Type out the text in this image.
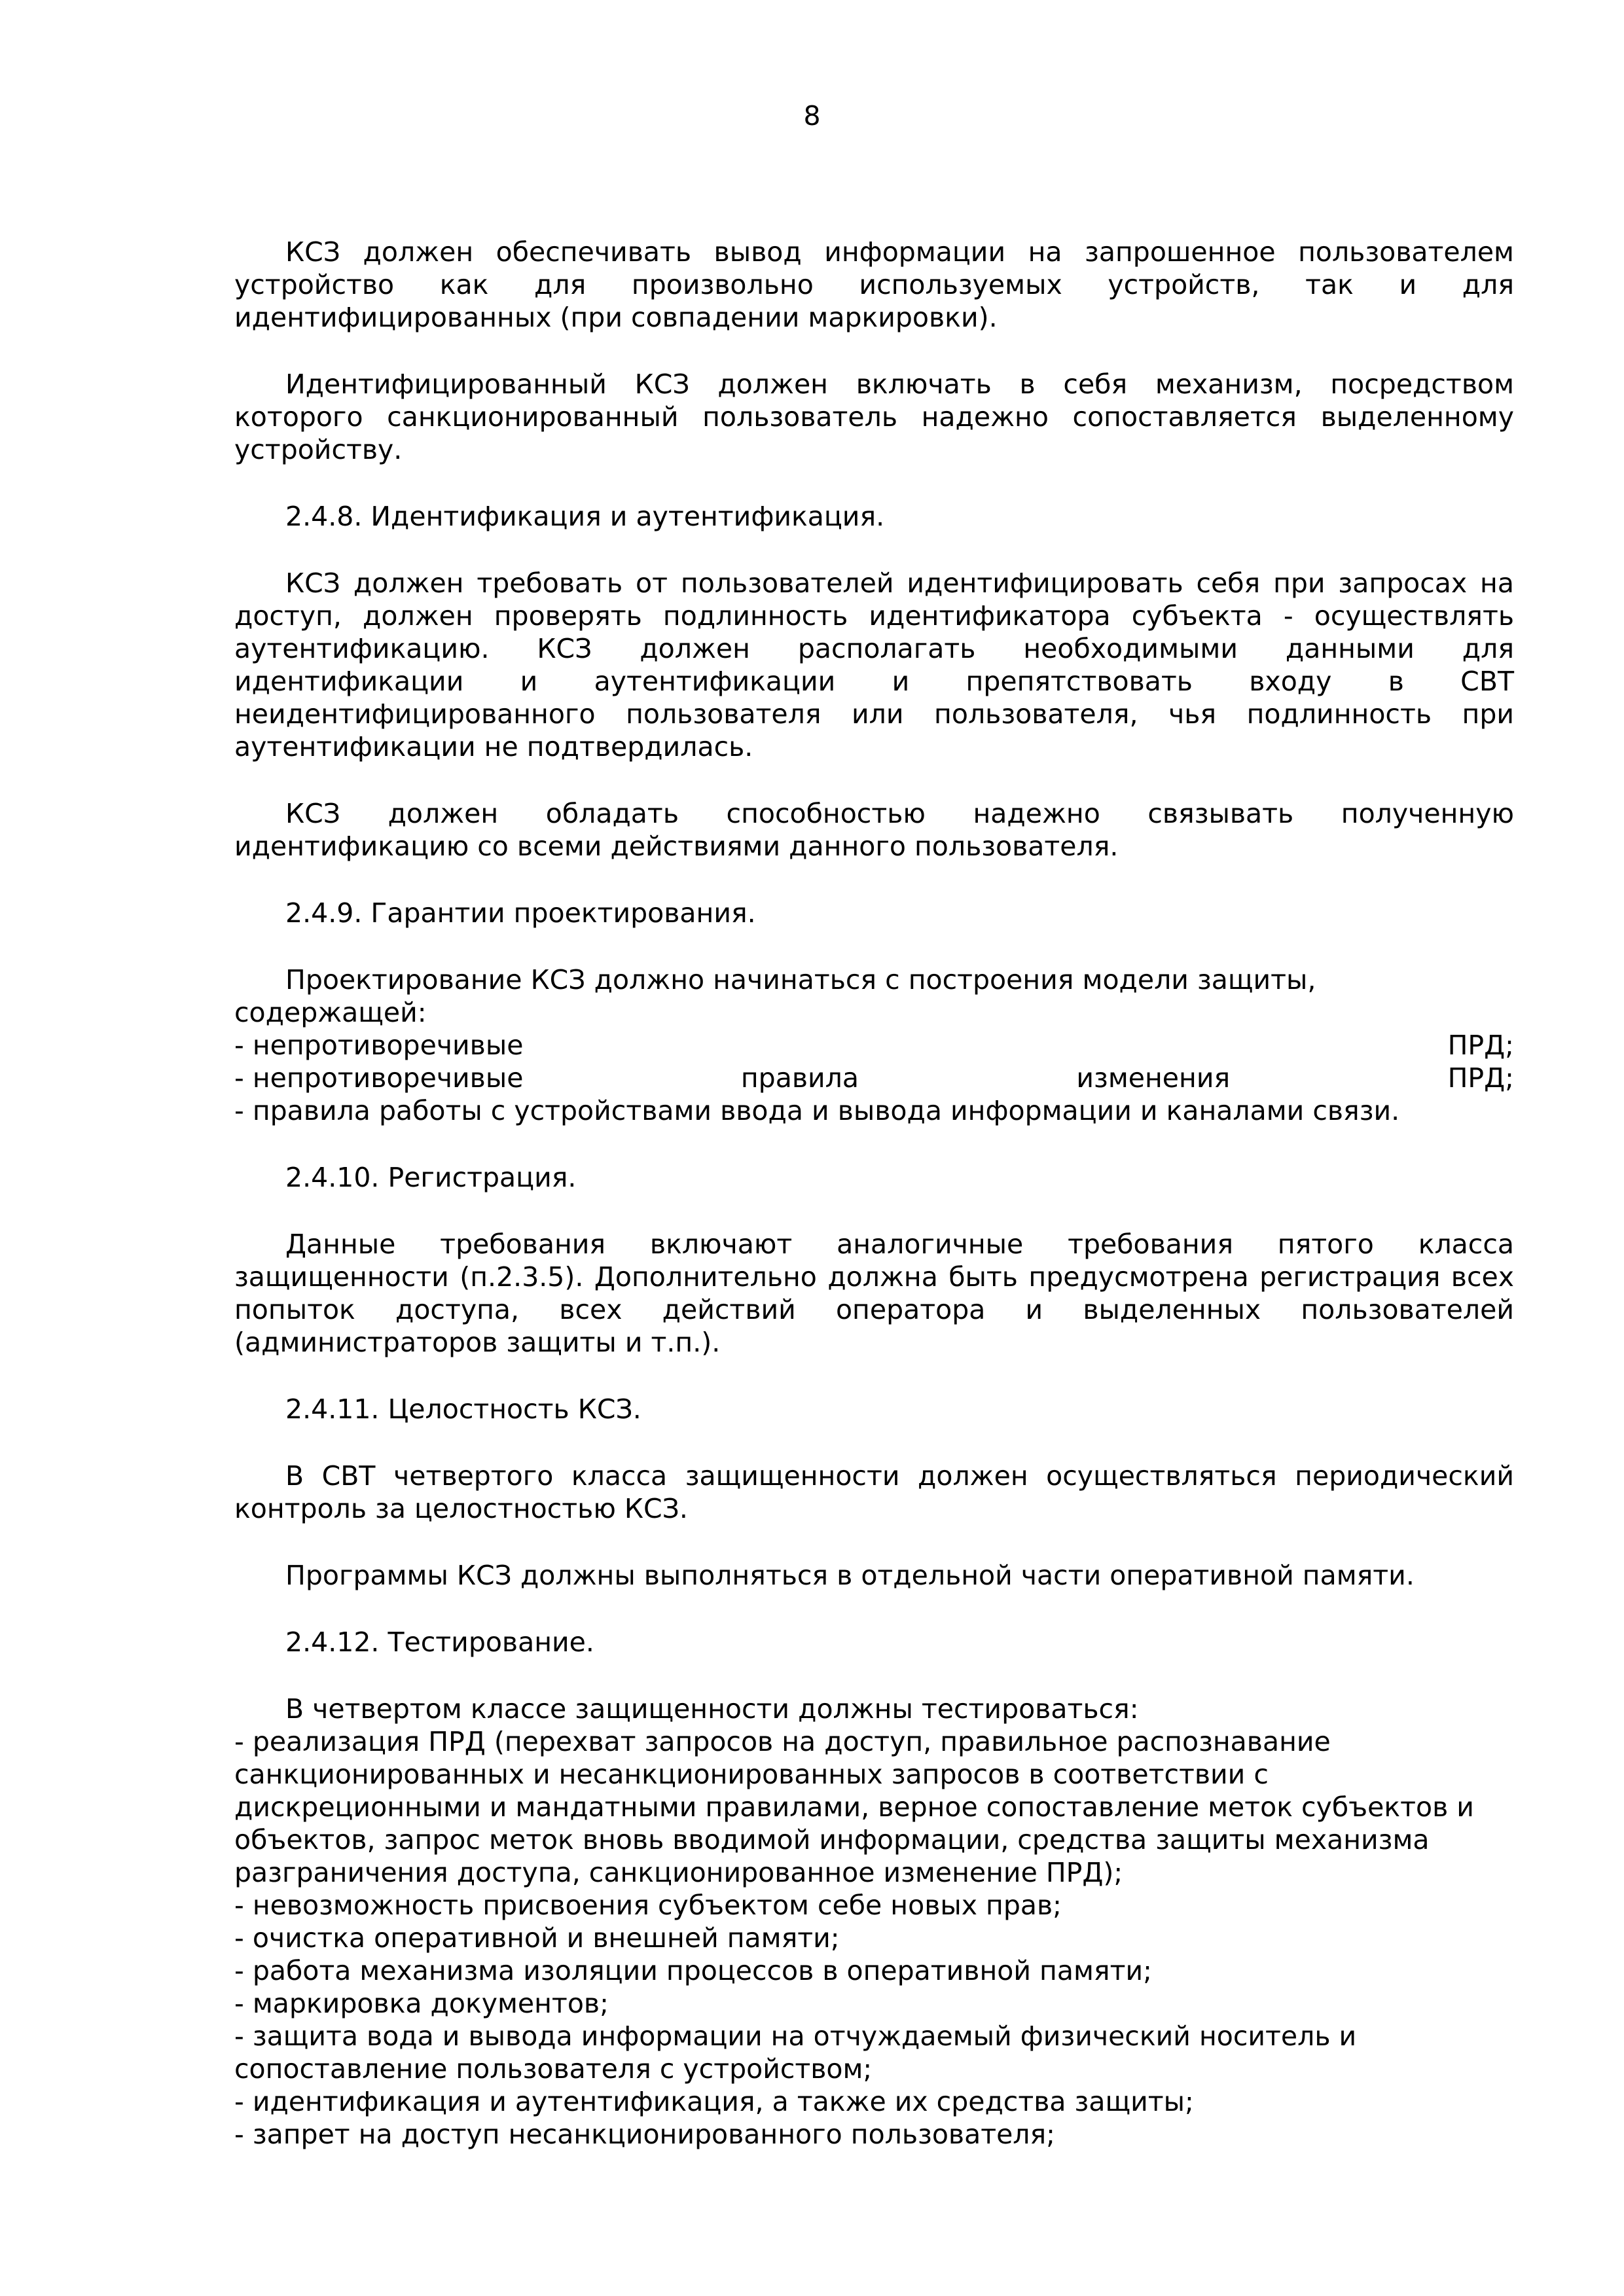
8

КСЗ должен обеспечивать вывод информации на запрошенное пользователем устройство как для произвольно используемых устройств, так и для идентифицированных (при совпадении маркировки).

Идентифицированный КСЗ должен включать в себя механизм, посредством которого санкционированный пользователь надежно сопоставляется выделенному устройству.

2.4.8. Идентификация и аутентификация.

КСЗ должен требовать от пользователей идентифицировать себя при запросах на доступ, должен проверять подлинность идентификатора субъекта - осуществлять аутентификацию. КСЗ должен располагать необходимыми данными для идентификации и аутентификации и препятствовать входу в СВТ неидентифицированного пользователя или пользователя, чья подлинность при аутентификации не подтвердилась.

КСЗ должен обладать способностью надежно связывать полученную идентификацию со всеми действиями данного пользователя.

2.4.9. Гарантии проектирования.

Проектирование КСЗ должно начинаться с построения модели защиты, содержащей:
- непротиворечивые	ПРД;
- непротиворечивые	правила	изменения	ПРД;
- правила работы с устройствами ввода и вывода информации и каналами связи.

2.4.10. Регистрация.

Данные требования включают аналогичные требования пятого класса защищенности (п.2.3.5). Дополнительно должна быть предусмотрена регистрация всех попыток доступа, всех действий оператора и выделенных пользователей (администраторов защиты и т.п.).

2.4.11. Целостность КСЗ.

В СВТ четвертого класса защищенности должен осуществляться периодический контроль за целостностью КСЗ.

Программы КСЗ должны выполняться в отдельной части оперативной памяти.

2.4.12. Тестирование.

В четвертом классе защищенности должны тестироваться:
- реализация ПРД (перехват запросов на доступ, правильное распознавание
санкционированных и несанкционированных запросов в соответствии с
дискреционными и мандатными правилами, верное сопоставление меток субъектов и
объектов, запрос меток вновь вводимой информации, средства защиты механизма
разграничения доступа, санкционированное изменение ПРД);
- невозможность присвоения субъектом себе новых прав;
- очистка оперативной и внешней памяти;
- работа механизма изоляции процессов в оперативной памяти;
- маркировка документов;
- защита вода и вывода информации на отчуждаемый физический носитель и
сопоставление пользователя с устройством;
- идентификация и аутентификация, а также их средства защиты;
- запрет на доступ несанкционированного пользователя;
